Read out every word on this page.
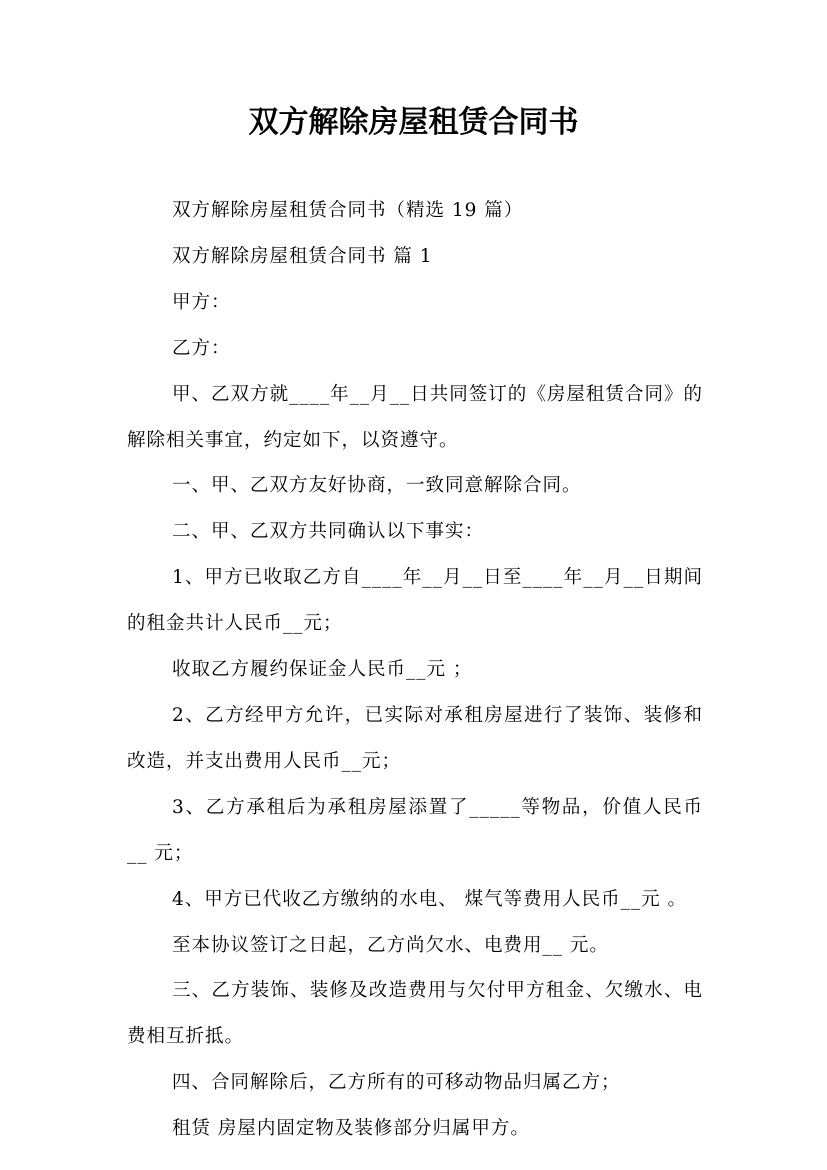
双方解除房屋租赁合同书

双方解除房屋租赁合同书（精选 19 篇）

双方解除房屋租赁合同书 篇 1

甲方：

乙方：

甲、乙双方就____年__月__日共同签订的《房屋租赁合同》的解除相关事宜，约定如下，以资遵守。

一、甲、乙双方友好协商，一致同意解除合同。

二、甲、乙双方共同确认以下事实：

1、甲方已收取乙方自____年__月__日至____年__月__日期间的租金共计人民币__元；

收取乙方履约保证金人民币__元 ；

2、乙方经甲方允许，已实际对承租房屋进行了装饰、装修和改造，并支出费用人民币__元；

3、乙方承租后为承租房屋添置了_____等物品，价值人民币__ 元；

4、甲方已代收乙方缴纳的水电、 煤气等费用人民币__元 。

至本协议签订之日起，乙方尚欠水、电费用__ 元。

三、乙方装饰、装修及改造费用与欠付甲方租金、欠缴水、电费相互折抵。

四、合同解除后，乙方所有的可移动物品归属乙方；

租赁 房屋内固定物及装修部分归属甲方。
